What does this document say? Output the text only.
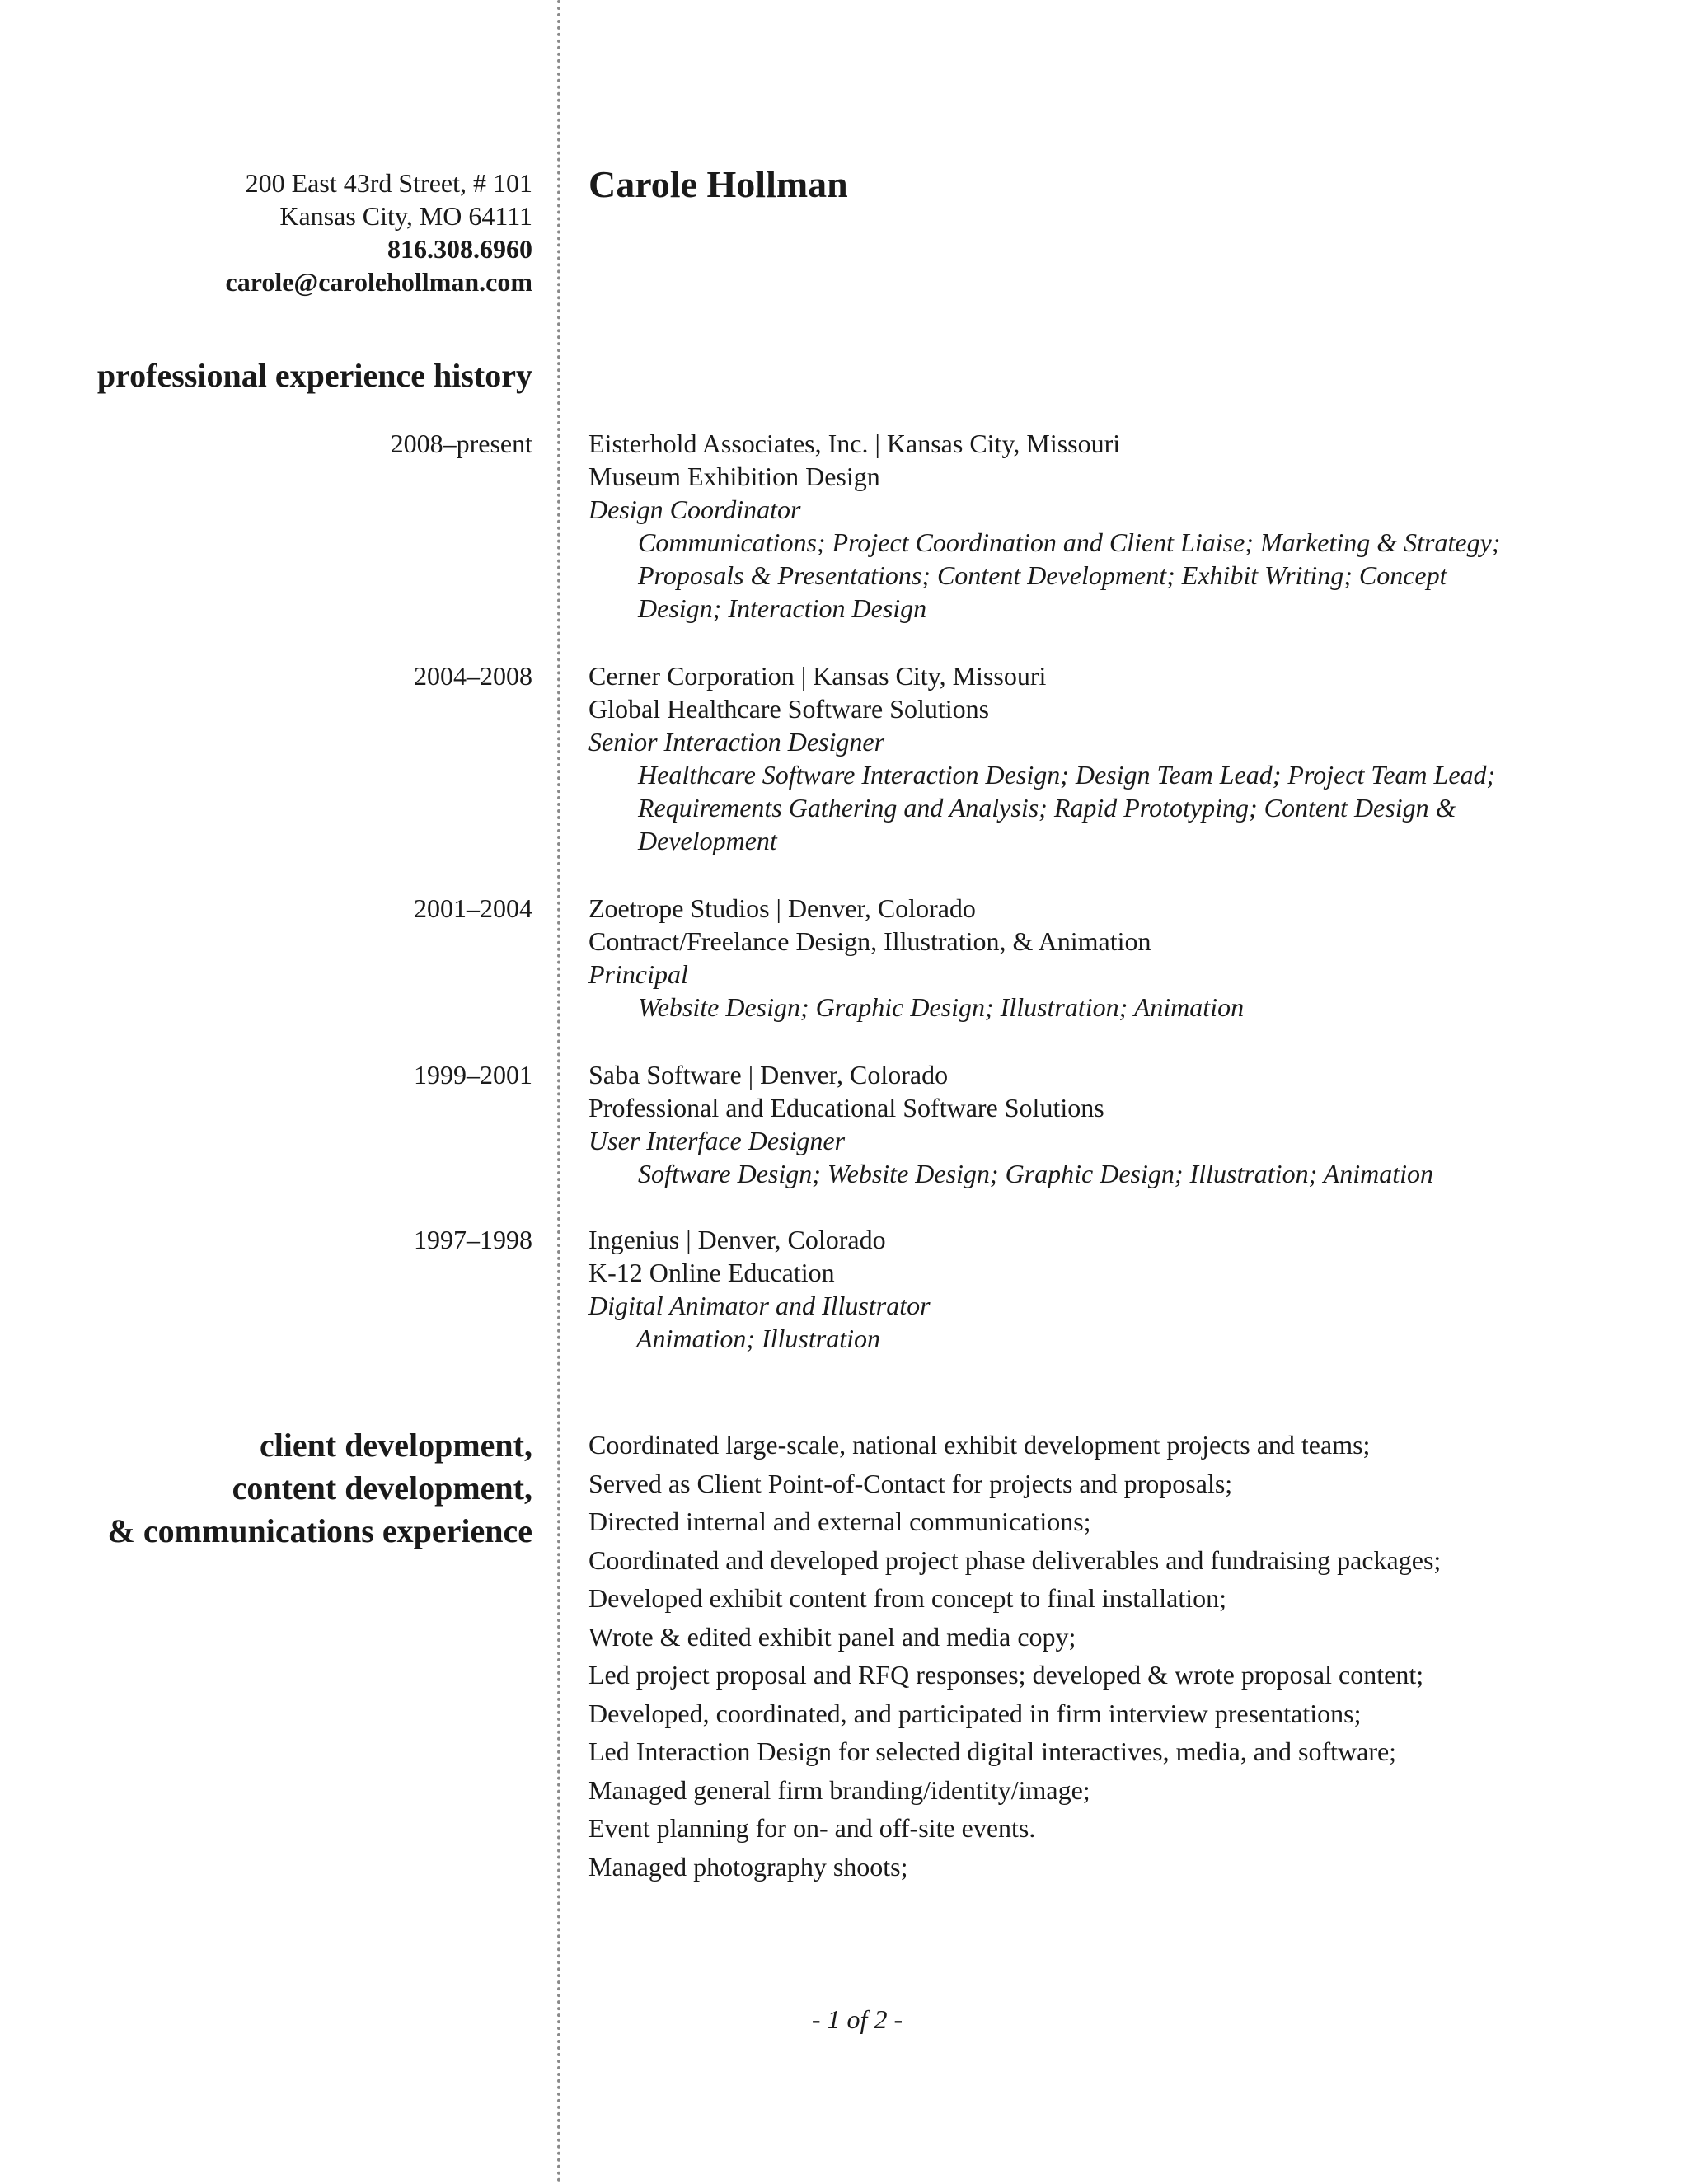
200 East 43rd Street, # 101
Kansas City, MO 64111
816.308.6960
carole@carolehollman.com
Carole Hollman
professional experience history
2008–present Eisterhold Associates, Inc. | Kansas City, Missouri
Museum Exhibition Design
Design Coordinator
Communications; Project Coordination and Client Liaise; Marketing & Strategy; Proposals & Presentations; Content Development; Exhibit Writing; Concept Design; Interaction Design
2004–2008 Cerner Corporation | Kansas City, Missouri
Global Healthcare Software Solutions
Senior Interaction Designer
Healthcare Software Interaction Design; Design Team Lead; Project Team Lead; Requirements Gathering and Analysis; Rapid Prototyping; Content Design & Development
2001–2004 Zoetrope Studios | Denver, Colorado
Contract/Freelance Design, Illustration, & Animation
Principal
Website Design; Graphic Design; Illustration; Animation
1999–2001 Saba Software | Denver, Colorado
Professional and Educational Software Solutions
User Interface Designer
Software Design; Website Design; Graphic Design; Illustration; Animation
1997–1998 Ingenius | Denver, Colorado
K-12 Online Education
Digital Animator and Illustrator
Animation; Illustration
client development,
content development,
& communications experience
Coordinated large-scale, national exhibit development projects and teams;
Served as Client Point-of-Contact for projects and proposals;
Directed internal and external communications;
Coordinated and developed project phase deliverables and fundraising packages;
Developed exhibit content from concept to final installation;
Wrote & edited exhibit panel and media copy;
Led project proposal and RFQ responses; developed & wrote proposal content;
Developed, coordinated, and participated in firm interview presentations;
Led Interaction Design for selected digital interactives, media, and software;
Managed general firm branding/identity/image;
Event planning for on- and off-site events.
Managed photography shoots;
- 1 of 2 -
